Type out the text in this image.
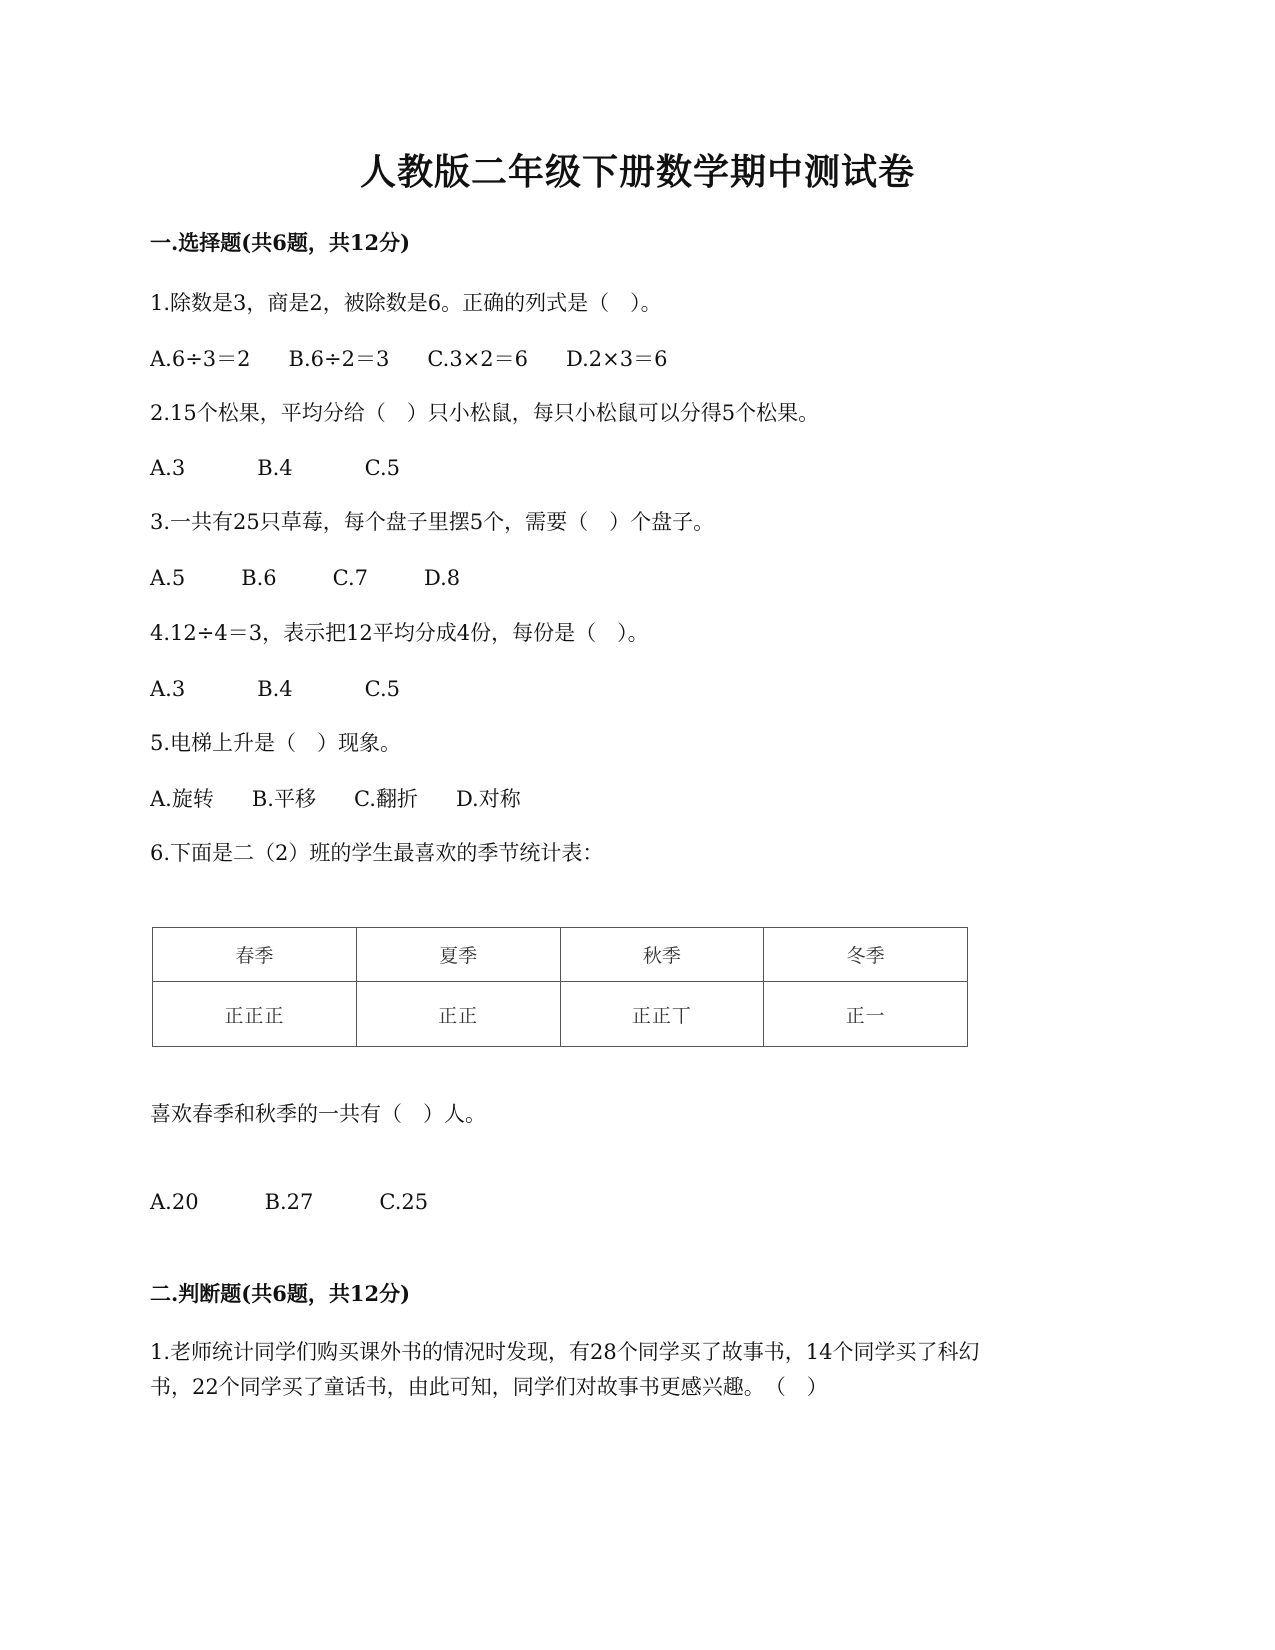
人教版二年级下册数学期中测试卷
一.选择题(共6题，共12分)
1.除数是3，商是2，被除数是6。正确的列式是（　）。
A.6÷3＝2 B.6÷2＝3 C.3×2＝6 D.2×3＝6
2.15个松果，平均分给（　）只小松鼠，每只小松鼠可以分得5个松果。
A.3	B.4	C.5
3.一共有25只草莓，每个盘子里摆5个，需要（　）个盘子。
A.5	B.6	C.7	D.8
4.12÷4＝3，表示把12平均分成4份，每份是（　）。
A.3	B.4	C.5
5.电梯上升是（　）现象。
A.旋转 B.平移 C.翻折 D.对称
6.下面是二（2）班的学生最喜欢的季节统计表：
春季	夏季	秋季	冬季
正正正	正正	正正丅	正一
喜欢春季和秋季的一共有（　）人。
A.20	B.27	C.25
二.判断题(共6题，共12分)
1.老师统计同学们购买课外书的情况时发现，有28个同学买了故事书，14个同学买了科幻
书，22个同学买了童话书，由此可知，同学们对故事书更感兴趣。　（　）
